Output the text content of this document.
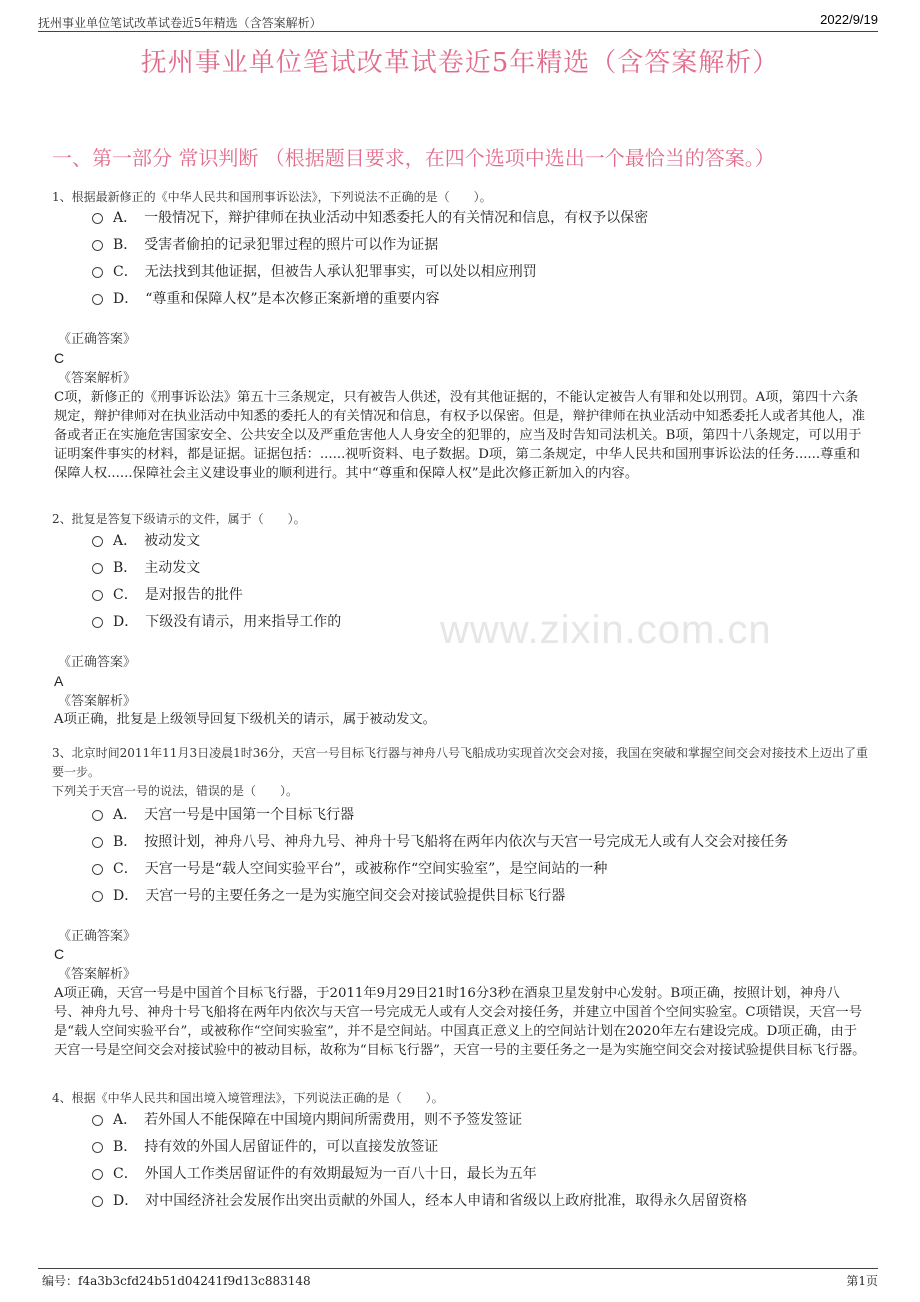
抚州事业单位笔试改革试卷近5年精选（含答案解析）	2022/9/19
抚州事业单位笔试改革试卷近5年精选（含答案解析）
一、第一部分 常识判断 （根据题目要求，在四个选项中选出一个最恰当的答案。）
1、根据最新修正的《中华人民共和国刑事诉讼法》，下列说法不正确的是（　　）。
A．　一般情况下，辩护律师在执业活动中知悉委托人的有关情况和信息，有权予以保密
B．　受害者偷拍的记录犯罪过程的照片可以作为证据
C．　无法找到其他证据，但被告人承认犯罪事实，可以处以相应刑罚
D．　“尊重和保障人权”是本次修正案新增的重要内容
《正确答案》
C
《答案解析》
C项，新修正的《刑事诉讼法》第五十三条规定，只有被告人供述，没有其他证据的，不能认定被告人有罪和处以刑罚。A项，第四十六条规定，辩护律师对在执业活动中知悉的委托人的有关情况和信息，有权予以保密。但是，辩护律师在执业活动中知悉委托人或者其他人，准备或者正在实施危害国家安全、公共安全以及严重危害他人人身安全的犯罪的，应当及时告知司法机关。B项，第四十八条规定，可以用于证明案件事实的材料，都是证据。证据包括：......视听资料、电子数据。D项，第二条规定，中华人民共和国刑事诉讼法的任务......尊重和保障人权......保障社会主义建设事业的顺利进行。其中“尊重和保障人权”是此次修正新加入的内容。
2、批复是答复下级请示的文件，属于（　　）。
A．　被动发文
B．　主动发文
C．　是对报告的批件
D．　下级没有请示，用来指导工作的
《正确答案》
A
《答案解析》
A项正确，批复是上级领导回复下级机关的请示，属于被动发文。
3、北京时间2011年11月3日凌晨1时36分，天宫一号目标飞行器与神舟八号飞船成功实现首次交会对接，我国在突破和掌握空间交会对接技术上迈出了重要一步。
下列关于天宫一号的说法，错误的是（　　）。
A．　天宫一号是中国第一个目标飞行器
B．　按照计划，神舟八号、神舟九号、神舟十号飞船将在两年内依次与天宫一号完成无人或有人交会对接任务
C．　天宫一号是“载人空间实验平台”，或被称作“空间实验室”，是空间站的一种
D．　天宫一号的主要任务之一是为实施空间交会对接试验提供目标飞行器
《正确答案》
C
《答案解析》
A项正确，天宫一号是中国首个目标飞行器，于2011年9月29日21时16分3秒在酒泉卫星发射中心发射。B项正确，按照计划，神舟八号、神舟九号、神舟十号飞船将在两年内依次与天宫一号完成无人或有人交会对接任务，并建立中国首个空间实验室。C项错误，天宫一号是“载人空间实验平台”，或被称作“空间实验室”，并不是空间站。中国真正意义上的空间站计划在2020年左右建设完成。D项正确，由于天宫一号是空间交会对接试验中的被动目标，故称为“目标飞行器”，天宫一号的主要任务之一是为实施空间交会对接试验提供目标飞行器。
4、根据《中华人民共和国出境入境管理法》，下列说法正确的是（　　）。
A．　若外国人不能保障在中国境内期间所需费用，则不予签发签证
B．　持有效的外国人居留证件的，可以直接发放签证
C．　外国人工作类居留证件的有效期最短为一百八十日，最长为五年
D．　对中国经济社会发展作出突出贡献的外国人，经本人申请和省级以上政府批准，取得永久居留资格
www.zixin.com.cn
编号：f4a3b3cfd24b51d04241f9d13c883148	第1页
